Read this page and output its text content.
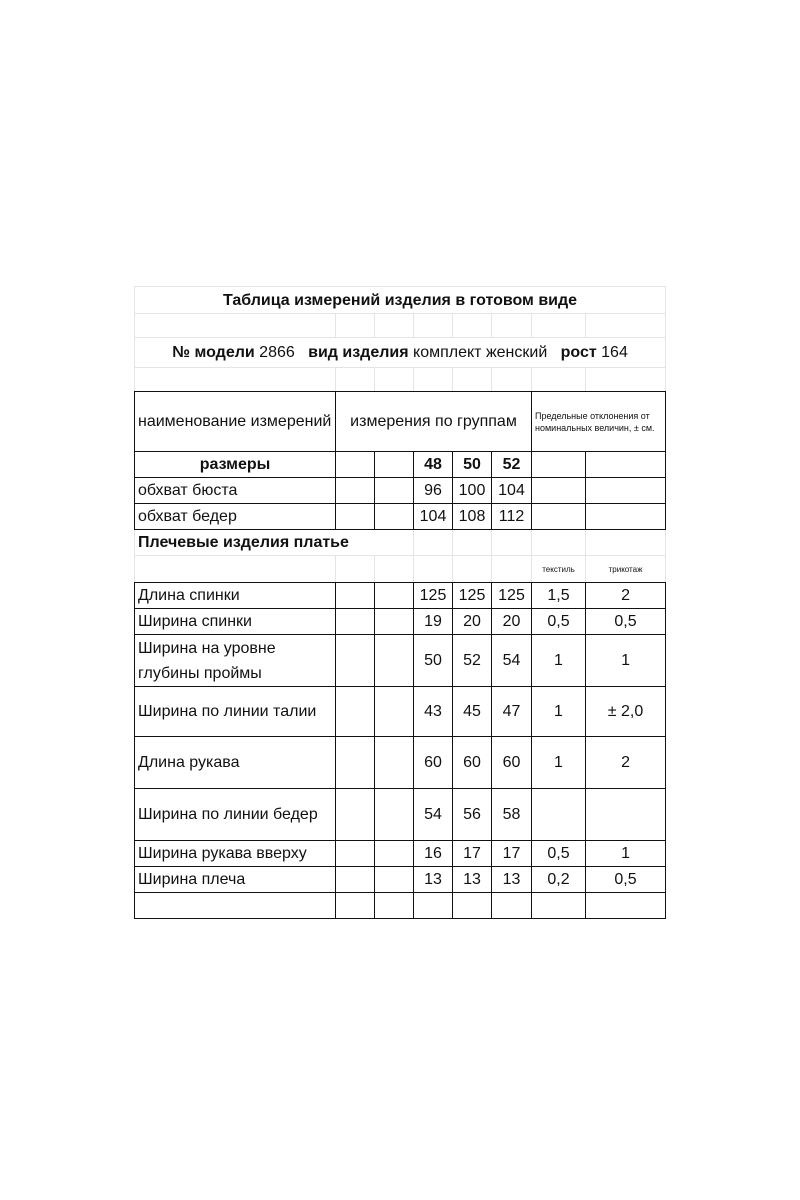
Таблица измерений изделия в готовом виде							

№ модели 2866 вид изделия комплект женский рост 164							

наименование измерений	измерения по группам					Предельные отклонения от номинальных величин, ± см.	
размеры			48	50	52		
обхват бюста			96	100	104		
обхват бедер			104	108	112		
Плечевые изделия платье							
						текстиль	трикотаж
Длина спинки			125	125	125	1,5	2
Ширина спинки			19	20	20	0,5	0,5
Ширина на уровне глубины проймы			50	52	54	1	1
Ширина по линии талии			43	45	47	1	± 2,0
Длина рукава			60	60	60	1	2
Ширина по линии бедер			54	56	58		
Ширина рукава вверху			16	17	17	0,5	1
Ширина плеча			13	13	13	0,2	0,5
